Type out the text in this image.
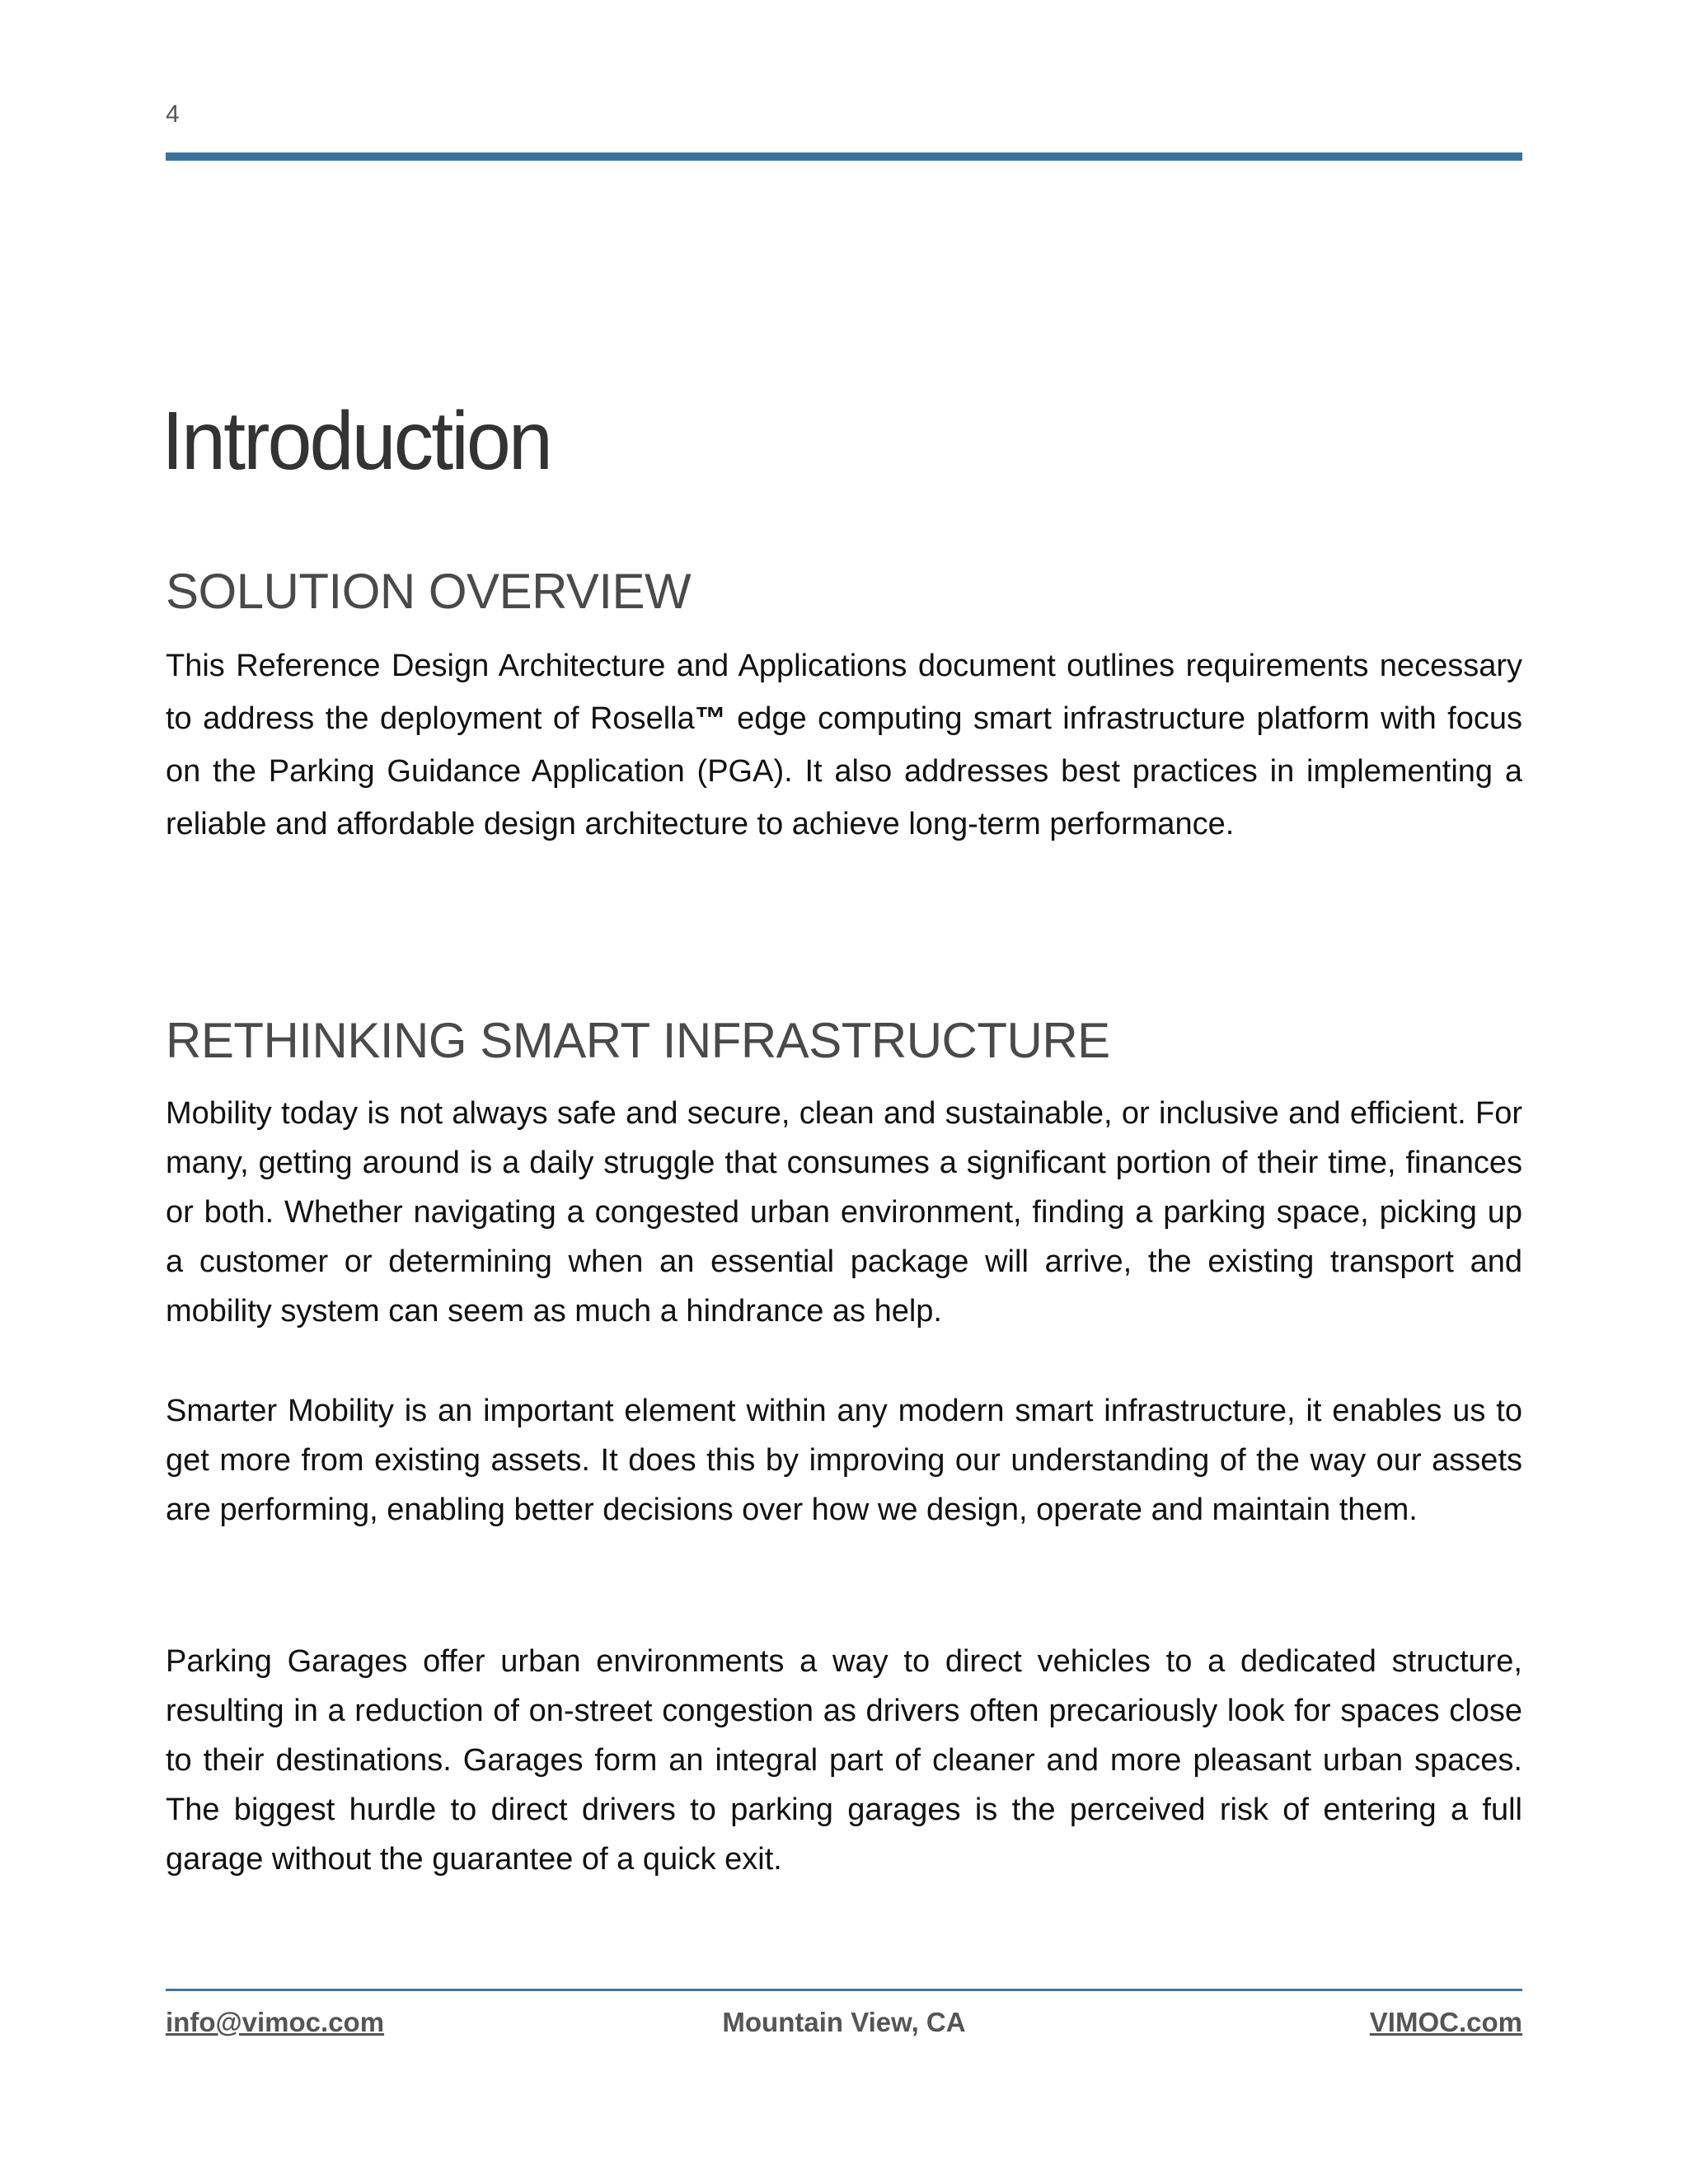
4
Introduction
SOLUTION OVERVIEW

This Reference Design Architecture and Applications document outlines requirements necessary to address the deployment of Rosella™ edge computing smart infrastructure platform with focus on the Parking Guidance Application (PGA). It also addresses best practices in implementing a reliable and affordable design architecture to achieve long-term performance.

RETHINKING SMART INFRASTRUCTURE

Mobility today is not always safe and secure, clean and sustainable, or inclusive and efficient. For many, getting around is a daily struggle that consumes a significant portion of their time, finances or both. Whether navigating a congested urban environment, finding a parking space, picking up a customer or determining when an essential package will arrive, the existing transport and mobility system can seem as much a hindrance as help.

Smarter Mobility is an important element within any modern smart infrastructure, it enables us to get more from existing assets. It does this by improving our understanding of the way our assets are performing, enabling better decisions over how we design, operate and maintain them.

Parking Garages offer urban environments a way to direct vehicles to a dedicated structure, resulting in a reduction of on-street congestion as drivers often precariously look for spaces close to their destinations. Garages form an integral part of cleaner and more pleasant urban spaces. The biggest hurdle to direct drivers to parking garages is the perceived risk of entering a full garage without the guarantee of a quick exit.

Mountain View, CA
info@vimoc.com	VIMOC.com
